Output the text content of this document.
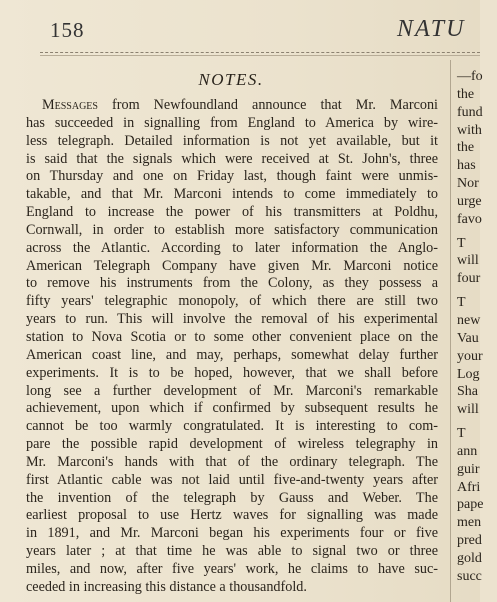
158	NATU
NOTES.
Messages from Newfoundland announce that Mr. Marconi
has succeeded in signalling from England to America by wire-
less telegraph. Detailed information is not yet available, but it
is said that the signals which were received at St. John's, three
on Thursday and one on Friday last, though faint were unmis-
takable, and that Mr. Marconi intends to come immediately to
England to increase the power of his transmitters at Poldhu,
Cornwall, in order to establish more satisfactory communication
across the Atlantic. According to later information the Anglo-
American Telegraph Company have given Mr. Marconi notice
to remove his instruments from the Colony, as they possess a
fifty years' telegraphic monopoly, of which there are still two
years to run. This will involve the removal of his experimental
station to Nova Scotia or to some other convenient place on the
American coast line, and may, perhaps, somewhat delay further
experiments. It is to be hoped, however, that we shall before
long see a further development of Mr. Marconi's remarkable
achievement, upon which if confirmed by subsequent results he
cannot be too warmly congratulated. It is interesting to com-
pare the possible rapid development of wireless telegraphy in
Mr. Marconi's hands with that of the ordinary telegraph. The
first Atlantic cable was not laid until five-and-twenty years after
the invention of the telegraph by Gauss and Weber. The
earliest proposal to use Hertz waves for signalling was made
in 1891, and Mr. Marconi began his experiments four or five
years later ; at that time he was able to signal two or three
miles, and now, after five years' work, he claims to have suc-
ceeded in increasing this distance a thousandfold.
—fo
the
fund
with
the
has
Nor
urge
favo
T
will
four
T
new
Vau
your
Log
Sha
will
T
ann
guir
Afri
pape
men
pred
gold
succ
